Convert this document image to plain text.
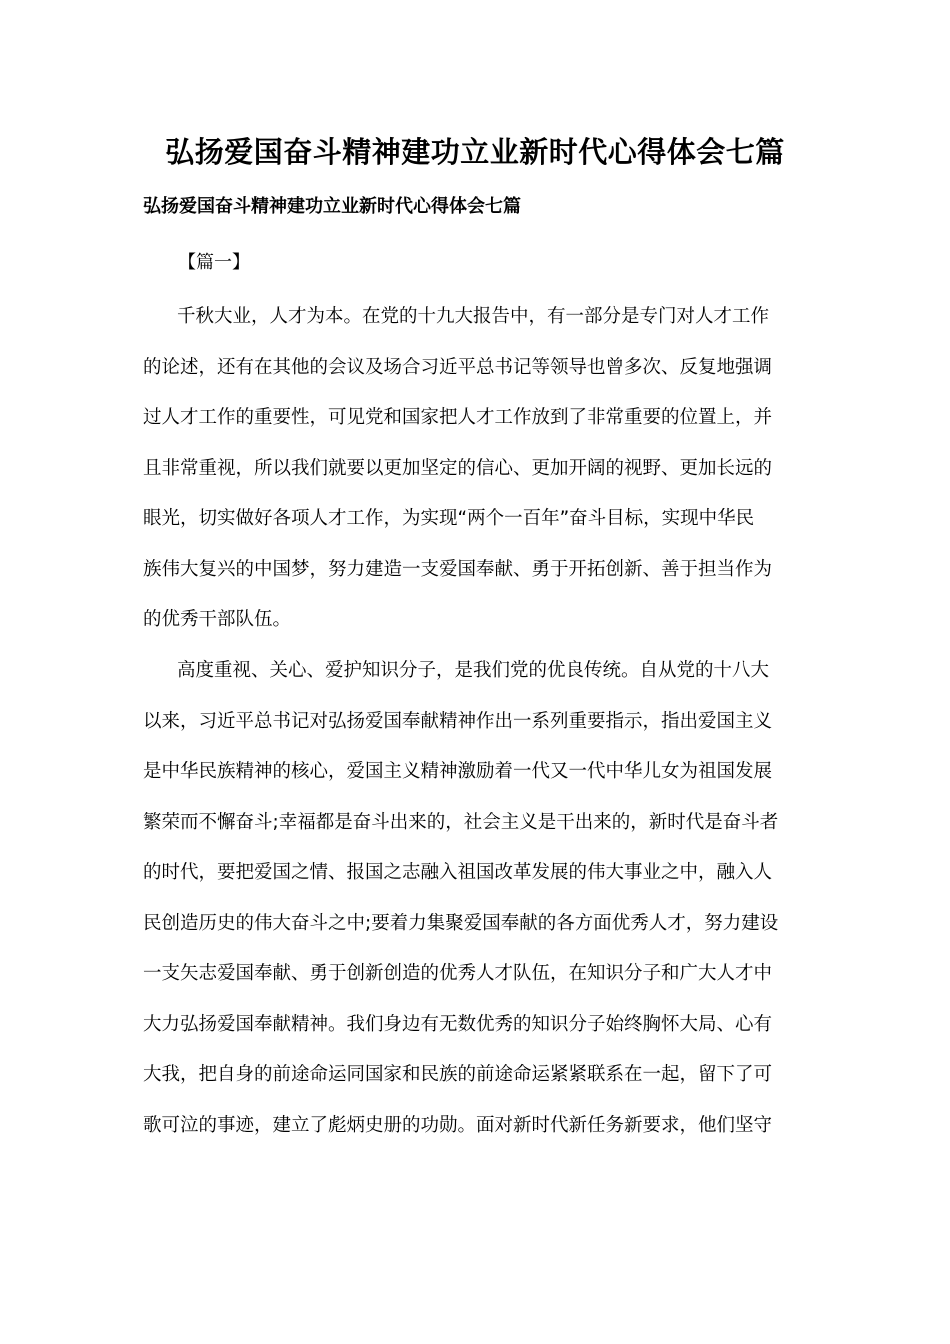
弘扬爱国奋斗精神建功立业新时代心得体会七篇
弘扬爱国奋斗精神建功立业新时代心得体会七篇
【篇一】
千秋大业，人才为本。在党的十九大报告中，有一部分是专门对人才工作
的论述，还有在其他的会议及场合习近平总书记等领导也曾多次、反复地强调
过人才工作的重要性，可见党和国家把人才工作放到了非常重要的位置上，并
且非常重视，所以我们就要以更加坚定的信心、更加开阔的视野、更加长远的
眼光，切实做好各项人才工作，为实现“两个一百年”奋斗目标，实现中华民
族伟大复兴的中国梦，努力建造一支爱国奉献、勇于开拓创新、善于担当作为
的优秀干部队伍。
高度重视、关心、爱护知识分子，是我们党的优良传统。自从党的十八大
以来，习近平总书记对弘扬爱国奉献精神作出一系列重要指示，指出爱国主义
是中华民族精神的核心，爱国主义精神激励着一代又一代中华儿女为祖国发展
繁荣而不懈奋斗;幸福都是奋斗出来的，社会主义是干出来的，新时代是奋斗者
的时代，要把爱国之情、报国之志融入祖国改革发展的伟大事业之中，融入人
民创造历史的伟大奋斗之中;要着力集聚爱国奉献的各方面优秀人才，努力建设
一支矢志爱国奉献、勇于创新创造的优秀人才队伍，在知识分子和广大人才中
大力弘扬爱国奉献精神。我们身边有无数优秀的知识分子始终胸怀大局、心有
大我，把自身的前途命运同国家和民族的前途命运紧紧联系在一起，留下了可
歌可泣的事迹，建立了彪炳史册的功勋。面对新时代新任务新要求，他们坚守
